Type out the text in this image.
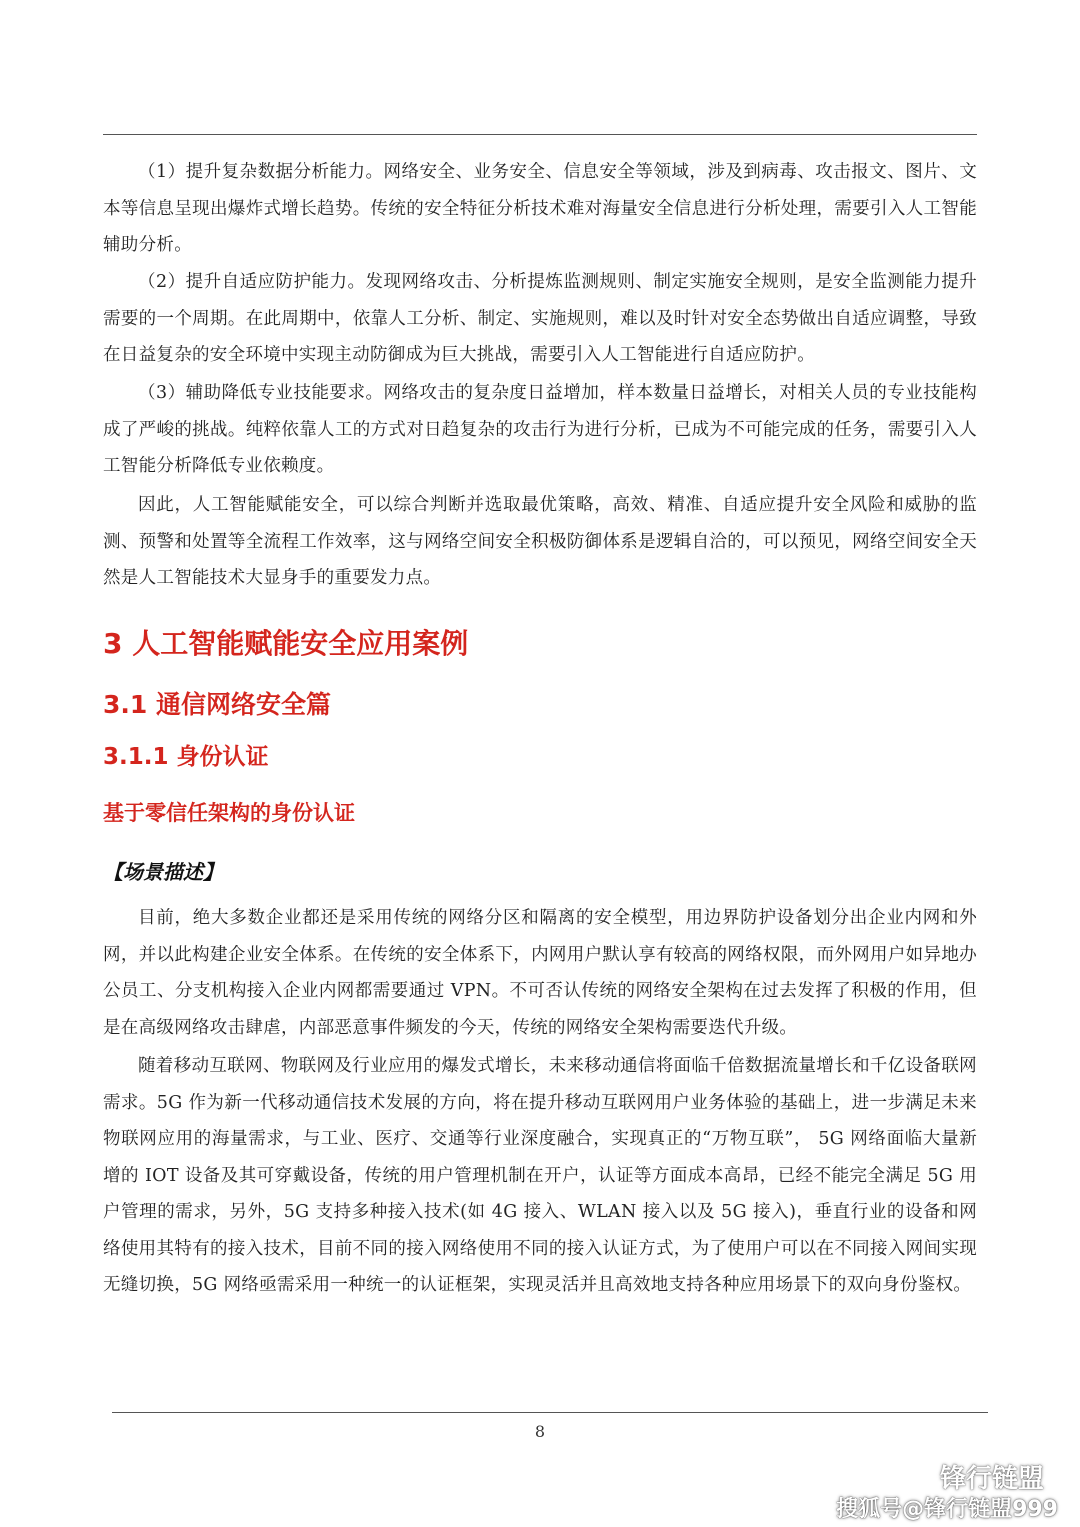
（1）提升复杂数据分析能力。网络安全、业务安全、信息安全等领域，涉及到病毒、攻击报文、图片、文本等信息呈现出爆炸式增长趋势。传统的安全特征分析技术难对海量安全信息进行分析处理，需要引入人工智能辅助分析。

（2）提升自适应防护能力。发现网络攻击、分析提炼监测规则、制定实施安全规则，是安全监测能力提升需要的一个周期。在此周期中，依靠人工分析、制定、实施规则，难以及时针对安全态势做出自适应调整，导致在日益复杂的安全环境中实现主动防御成为巨大挑战，需要引入人工智能进行自适应防护。

（3）辅助降低专业技能要求。网络攻击的复杂度日益增加，样本数量日益增长，对相关人员的专业技能构成了严峻的挑战。纯粹依靠人工的方式对日趋复杂的攻击行为进行分析，已成为不可能完成的任务，需要引入人工智能分析降低专业依赖度。

因此，人工智能赋能安全，可以综合判断并选取最优策略，高效、精准、自适应提升安全风险和威胁的监测、预警和处置等全流程工作效率，这与网络空间安全积极防御体系是逻辑自洽的，可以预见，网络空间安全天然是人工智能技术大显身手的重要发力点。

3 人工智能赋能安全应用案例
3.1 通信网络安全篇
3.1.1 身份认证
基于零信任架构的身份认证

【场景描述】

目前，绝大多数企业都还是采用传统的网络分区和隔离的安全模型，用边界防护设备划分出企业内网和外网，并以此构建企业安全体系。在传统的安全体系下，内网用户默认享有较高的网络权限，而外网用户如异地办公员工、分支机构接入企业内网都需要通过 VPN。不可否认传统的网络安全架构在过去发挥了积极的作用，但是在高级网络攻击肆虐，内部恶意事件频发的今天，传统的网络安全架构需要迭代升级。

随着移动互联网、物联网及行业应用的爆发式增长，未来移动通信将面临千倍数据流量增长和千亿设备联网需求。5G 作为新一代移动通信技术发展的方向，将在提升移动互联网用户业务体验的基础上，进一步满足未来物联网应用的海量需求，与工业、医疗、交通等行业深度融合，实现真正的“万物互联”， 5G 网络面临大量新增的 IOT 设备及其可穿戴设备，传统的用户管理机制在开户，认证等方面成本高昂，已经不能完全满足 5G 用户管理的需求，另外，5G 支持多种接入技术(如 4G 接入、WLAN 接入以及 5G 接入)，垂直行业的设备和网络使用其特有的接入技术，目前不同的接入网络使用不同的接入认证方式，为了使用户可以在不同接入网间实现无缝切换，5G 网络亟需采用一种统一的认证框架，实现灵活并且高效地支持各种应用场景下的双向身份鉴权。

8
锋行链盟
搜狐号@锋行链盟999
